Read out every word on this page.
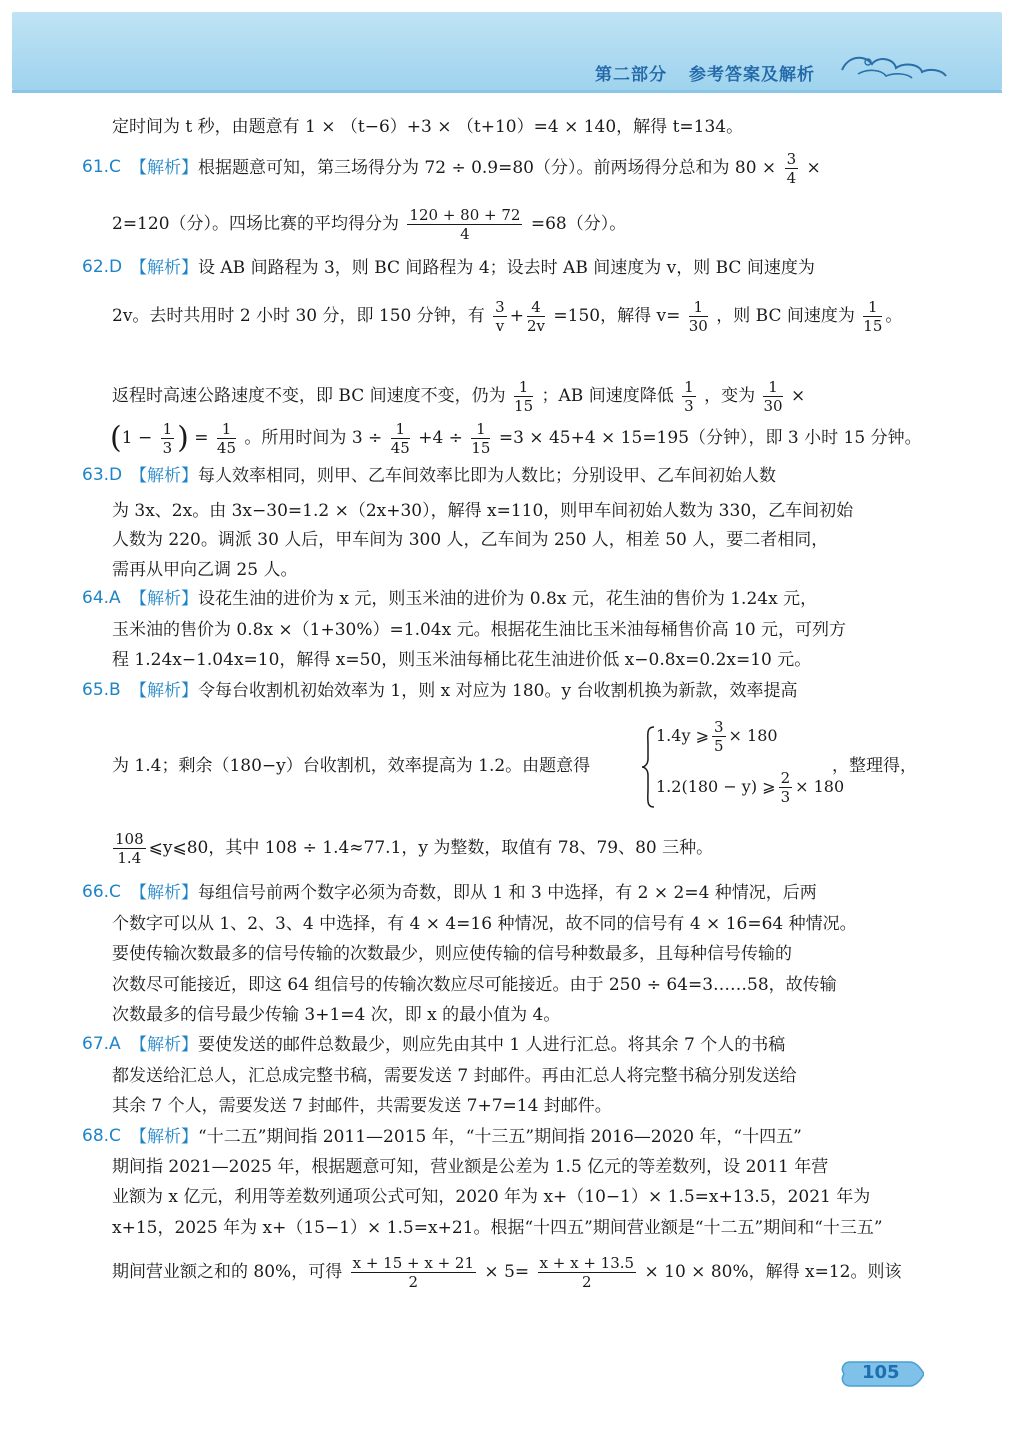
第二部分 参考答案及解析
定时间为 t 秒，由题意有 1 × （t−6）+3 × （t+10）=4 × 140，解得 t=134。
61.C 【解析】根据题意可知，第三场得分为 72 ÷ 0.9=80（分）。前两场得分总和为 $80 \times \frac{3}{4}$ ×
2=120（分）。四场比赛的平均得分为 $\frac{120 + 80 + 72}{4} =68$（分）。
62.D 【解析】设 AB 间路程为 3，则 BC 间路程为 4；设去时 AB 间速度为 v，则 BC 间速度为
2v。去时共用时 2 小时 30 分，即 150 分钟，有 $\frac{3}{v} + \frac{4}{2v} =150$，解得 $v= \frac{1}{30}$ ，则 BC 间速度为 $\frac{1}{15}$ 。
返程时高速公路速度不变，即 BC 间速度不变，仍为 $\frac{1}{15}$ ；AB 间速度降低 $\frac{1}{3}$ ，变为 $\frac{1}{30}$ ×
($1 - \frac{1}{3}$ ) = $\frac{1}{45}$ 。所用时间为 $3 \div \frac{1}{45} +4 \div \frac{1}{15} =3 \times 45+4 \times 15=195$（分钟），即 3 小时 15 分钟。
63.D 【解析】每人效率相同，则甲、乙车间效率比即为人数比；分别设甲、乙车间初始人数
为 3x、2x。由 3x−30=1.2 ×（2x+30），解得 x=110，则甲车间初始人数为 330，乙车间初始
人数为 220。调派 30 人后，甲车间为 300 人，乙车间为 250 人，相差 50 人，要二者相同，
需再从甲向乙调 25 人。
64.A 【解析】设花生油的进价为 x 元，则玉米油的进价为 0.8x 元，花生油的售价为 1.24x 元，
玉米油的售价为 0.8x ×（1+30%）=1.04x 元。根据花生油比玉米油每桶售价高 10 元，可列方
程 1.24x−1.04x=10，解得 x=50，则玉米油每桶比花生油进价低 x−0.8x=0.2x=10 元。
65.B 【解析】令每台收割机初始效率为 1，则 x 对应为 180。y 台收割机换为新款，效率提高
为 1.4；剩余（180−y）台收割机，效率提高为 1.2。由题意得
1.4y ⩾ $\frac{3}{5} \times 180$
1.2(180 − y) ⩾ $\frac{2}{3} \times 180$
，整理得，
$\frac{108}{1.4}$ ⩽y⩽80，其中 108 ÷ 1.4≈77.1，y 为整数，取值有 78、79、80 三种。
66.C 【解析】每组信号前两个数字必须为奇数，即从 1 和 3 中选择，有 2 × 2=4 种情况，后两
个数字可以从 1、2、3、4 中选择，有 4 × 4=16 种情况，故不同的信号有 4 × 16=64 种情况。
要使传输次数最多的信号传输的次数最少，则应使传输的信号种数最多，且每种信号传输的
次数尽可能接近，即这 64 组信号的传输次数应尽可能接近。由于 250 ÷ 64=3……58，故传输
次数最多的信号最少传输 3+1=4 次，即 x 的最小值为 4。
67.A 【解析】要使发送的邮件总数最少，则应先由其中 1 人进行汇总。将其余 7 个人的书稿
都发送给汇总人，汇总成完整书稿，需要发送 7 封邮件。再由汇总人将完整书稿分别发送给
其余 7 个人，需要发送 7 封邮件，共需要发送 7+7=14 封邮件。
68.C 【解析】“十二五”期间指 2011—2015 年，“十三五”期间指 2016—2020 年，“十四五”
期间指 2021—2025 年，根据题意可知，营业额是公差为 1.5 亿元的等差数列，设 2011 年营
业额为 x 亿元，利用等差数列通项公式可知，2020 年为 x+（10−1）× 1.5=x+13.5，2021 年为
x+15，2025 年为 x+（15−1）× 1.5=x+21。根据“十四五”期间营业额是“十二五”期间和“十三五”
期间营业额之和的 80%，可得 $\frac{x + 15 + x + 21}{2} \times 5= \frac{x + x + 13.5}{2} \times 10 \times 80\%$，解得 x=12。则该
105
